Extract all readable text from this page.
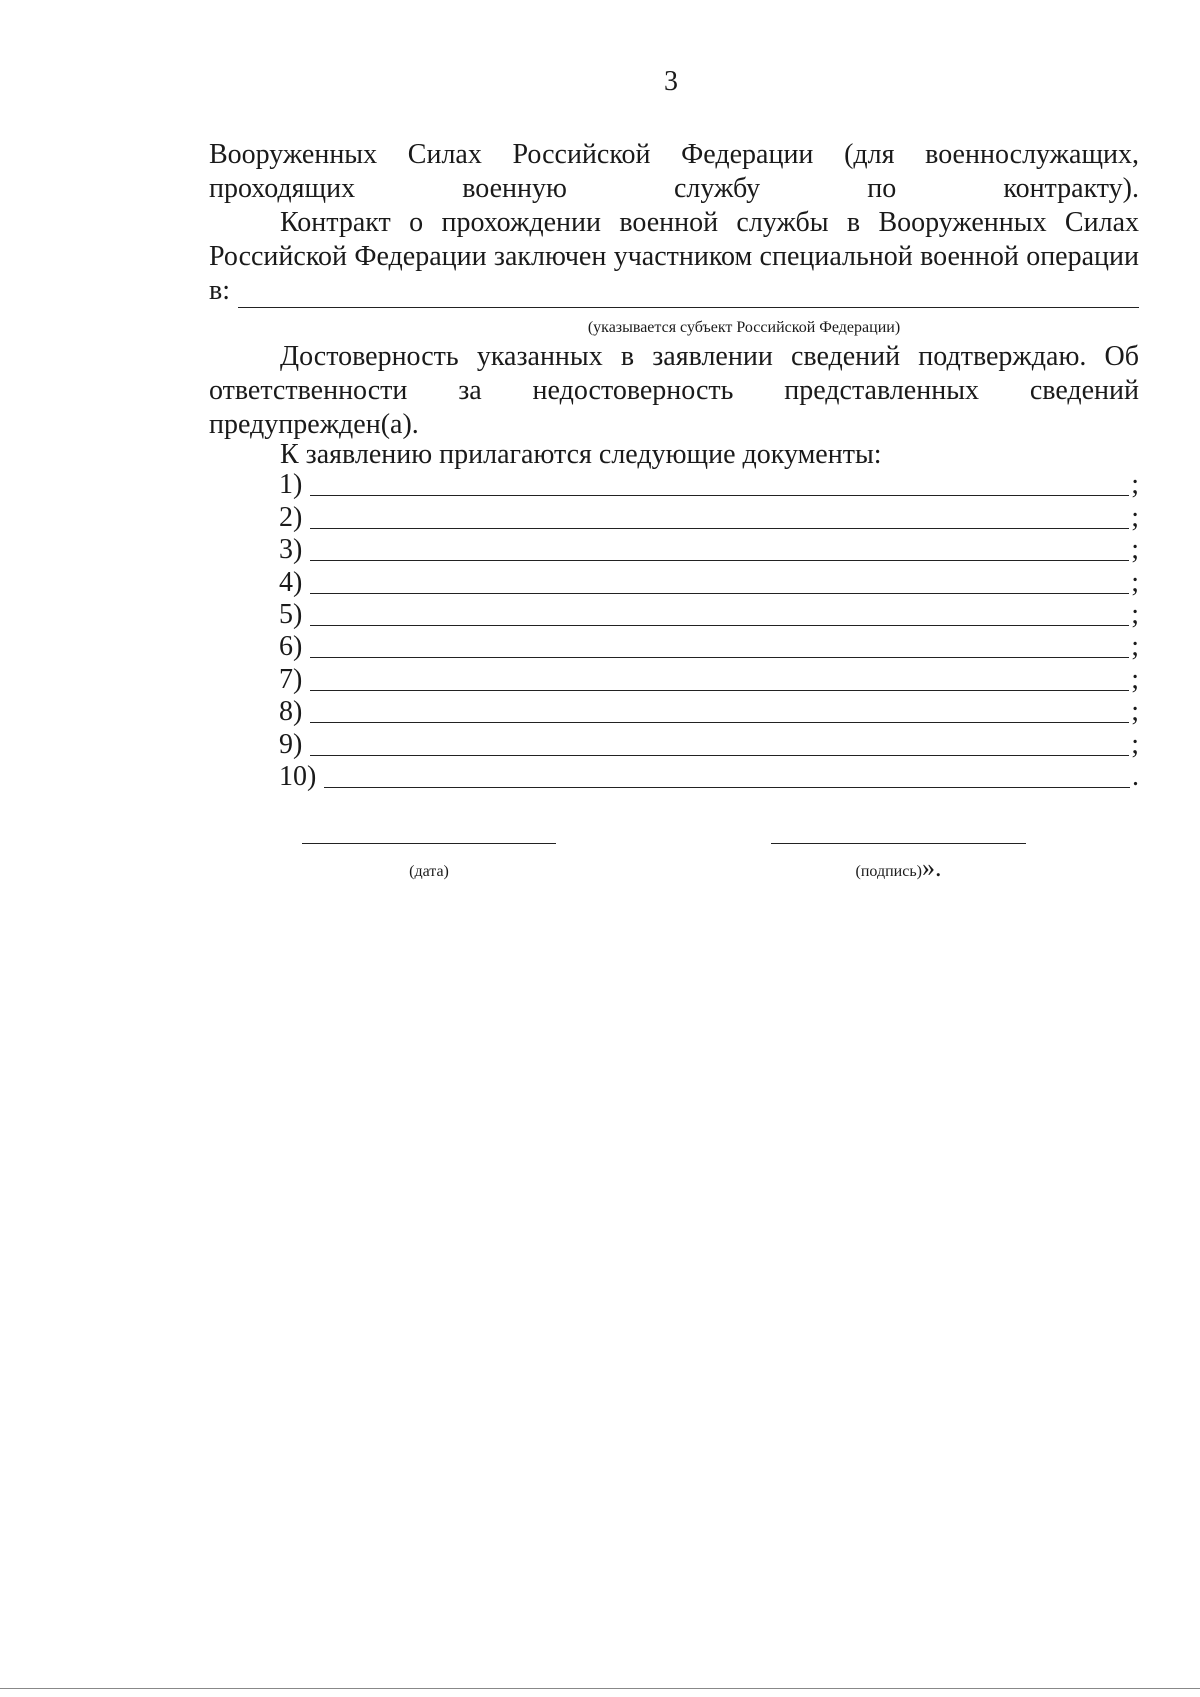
3

Вооруженных Силах Российской Федерации (для военнослужащих, проходящих военную службу по контракту).

Контракт о прохождении военной службы в Вооруженных Силах Российской Федерации заключен участником специальной военной операции

в:
(указывается субъект Российской Федерации)

Достоверность указанных в заявлении сведений подтверждаю. Об ответственности за недостоверность представленных сведений

предупрежден(а).

К заявлению прилагаются следующие документы:

1)	;
2)	;
3)	;
4)	;
5)	;
6)	;
7)	;
8)	;
9)	;
10)	.
(дата)	(подпись)».
